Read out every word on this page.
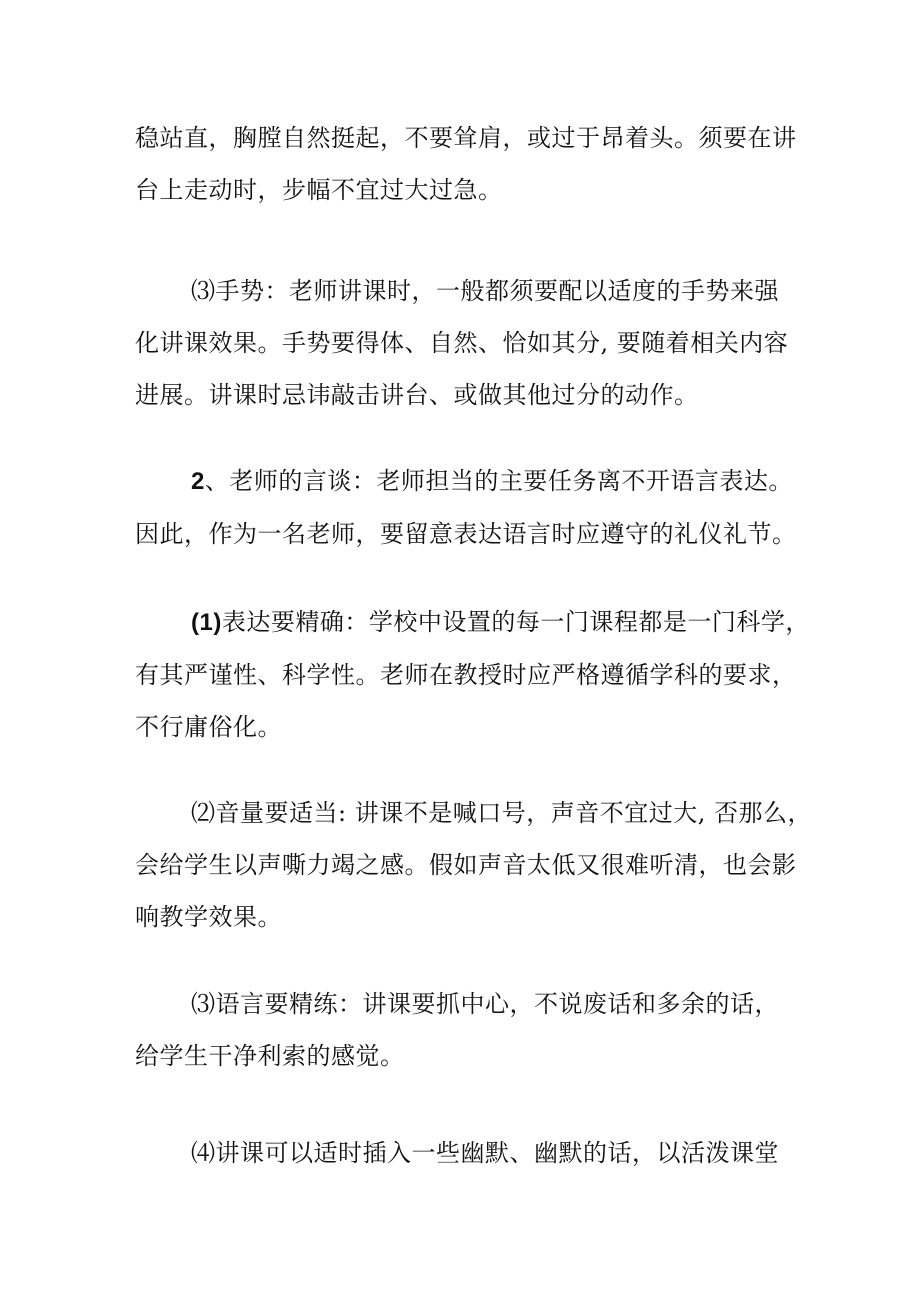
稳站直，胸膛自然挺起，不要耸肩，或过于昂着头。须要在讲
台上走动时，步幅不宜过大过急。

⑶手势：老师讲课时，一般都须要配以适度的手势来强
化讲课效果。手势要得体、自然、恰如其分, 要随着相关内容
进展。讲课时忌讳敲击讲台、或做其他过分的动作。

2、老师的言谈：老师担当的主要任务离不开语言表达。
因此，作为一名老师，要留意表达语言时应遵守的礼仪礼节。

(1)表达要精确：学校中设置的每一门课程都是一门科学，
有其严谨性、科学性。老师在教授时应严格遵循学科的要求，
不行庸俗化。

⑵音量要适当: 讲课不是喊口号，声音不宜过大, 否那么，
会给学生以声嘶力竭之感。假如声音太低又很难听清，也会影
响教学效果。

⑶语言要精练：讲课要抓中心，不说废话和多余的话，
给学生干净利索的感觉。

⑷讲课可以适时插入一些幽默、幽默的话，以活泼课堂
